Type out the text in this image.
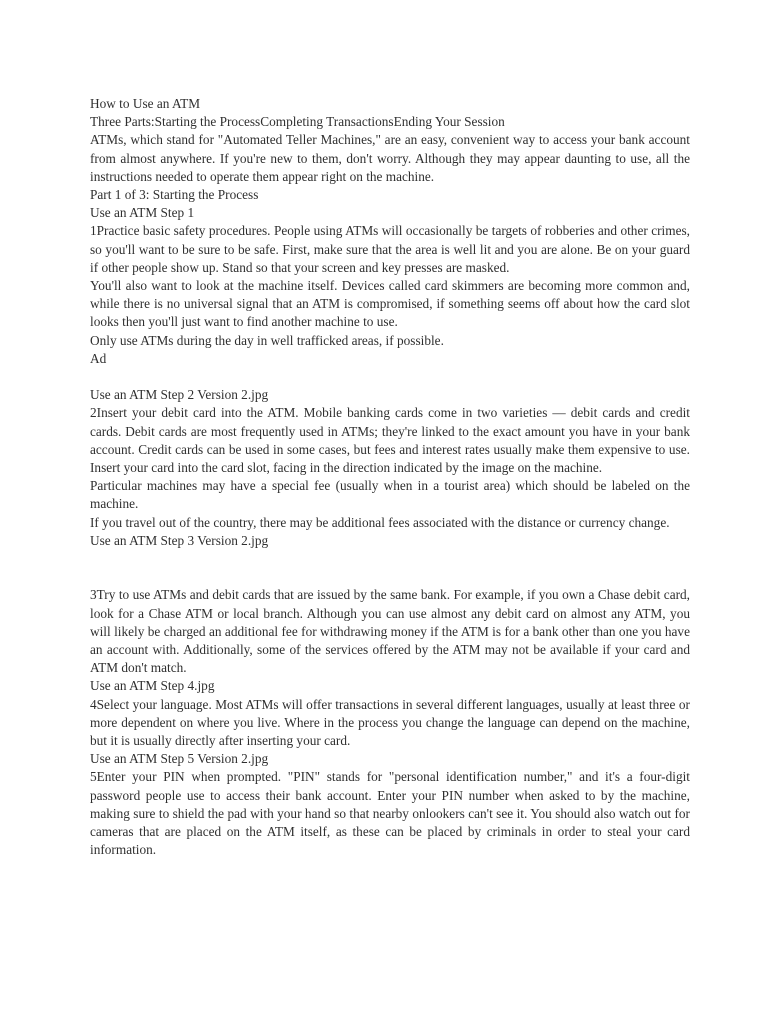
How to Use an ATM

Three Parts:Starting the ProcessCompleting TransactionsEnding Your Session

ATMs, which stand for "Automated Teller Machines," are an easy, convenient way to access your bank account from almost anywhere. If you're new to them, don't worry. Although they may appear daunting to use, all the instructions needed to operate them appear right on the machine.

Part 1 of 3: Starting the Process

Use an ATM Step 1

1Practice basic safety procedures. People using ATMs will occasionally be targets of robberies and other crimes, so you'll want to be sure to be safe. First, make sure that the area is well lit and you are alone. Be on your guard if other people show up. Stand so that your screen and key presses are masked.

You'll also want to look at the machine itself. Devices called card skimmers are becoming more common and, while there is no universal signal that an ATM is compromised, if something seems off about how the card slot looks then you'll just want to find another machine to use.

Only use ATMs during the day in well trafficked areas, if possible.

Ad

Use an ATM Step 2 Version 2.jpg

2Insert your debit card into the ATM. Mobile banking cards come in two varieties — debit cards and credit cards. Debit cards are most frequently used in ATMs; they're linked to the exact amount you have in your bank account. Credit cards can be used in some cases, but fees and interest rates usually make them expensive to use. Insert your card into the card slot, facing in the direction indicated by the image on the machine.

Particular machines may have a special fee (usually when in a tourist area) which should be labeled on the machine.

If you travel out of the country, there may be additional fees associated with the distance or currency change.

Use an ATM Step 3 Version 2.jpg

3Try to use ATMs and debit cards that are issued by the same bank. For example, if you own a Chase debit card, look for a Chase ATM or local branch. Although you can use almost any debit card on almost any ATM, you will likely be charged an additional fee for withdrawing money if the ATM is for a bank other than one you have an account with. Additionally, some of the services offered by the ATM may not be available if your card and ATM don't match.

Use an ATM Step 4.jpg

4Select your language. Most ATMs will offer transactions in several different languages, usually at least three or more dependent on where you live. Where in the process you change the language can depend on the machine, but it is usually directly after inserting your card.

Use an ATM Step 5 Version 2.jpg

5Enter your PIN when prompted. "PIN" stands for "personal identification number," and it's a four-digit password people use to access their bank account. Enter your PIN number when asked to by the machine, making sure to shield the pad with your hand so that nearby onlookers can't see it. You should also watch out for cameras that are placed on the ATM itself, as these can be placed by criminals in order to steal your card information.
